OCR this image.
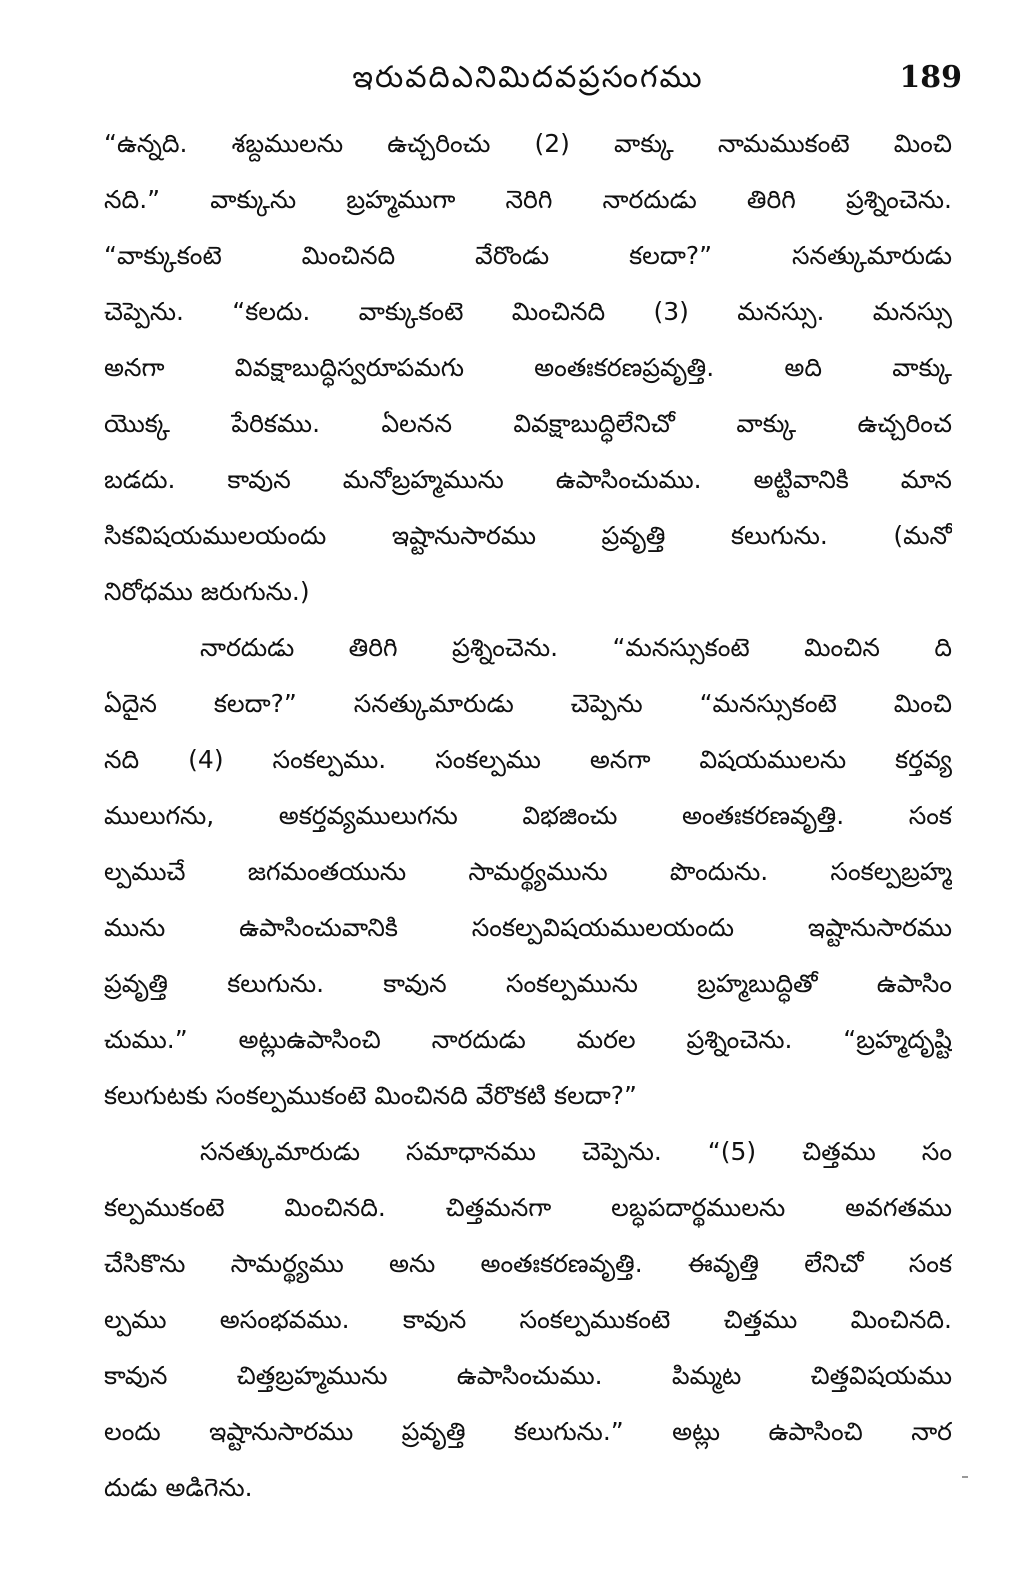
ఇరువదిఎనిమిదవప్రసంగము	189
“ఉన్నది. శబ్దములను ఉచ్చరించు (2) వాక్కు నామముకంటె మించి
నది.” వాక్కును బ్రహ్మముగా నెరిగి నారదుడు తిరిగి ప్రశ్నించెను.
“వాక్కుకంటె మించినది వేరొండు కలదా?” సనత్కుమారుడు
చెప్పెను. “కలదు. వాక్కుకంటె మించినది (3) మనస్సు. మనస్సు
అనగా వివక్షాబుద్ధిస్వరూపమగు అంతఃకరణప్రవృత్తి. అది వాక్కు
యొక్క పేరికము. ఏలనన వివక్షాబుద్ధిలేనిచో వాక్కు ఉచ్చరించ
బడదు. కావున మనోబ్రహ్మమును ఉపాసించుము. అట్టివానికి మాన
సికవిషయములయందు ఇష్టానుసారము ప్రవృత్తి కలుగును. (మనో
నిరోధము జరుగును.)
నారదుడు తిరిగి ప్రశ్నించెను. “మనస్సుకంటె మించిన ది
ఏదైన కలదా?” సనత్కుమారుడు చెప్పెను “మనస్సుకంటె మించి
నది (4) సంకల్పము. సంకల్పము అనగా విషయములను కర్తవ్య
ములుగను, అకర్తవ్యములుగను విభజించు అంతఃకరణవృత్తి. సంక
ల్పముచే జగమంతయును సామర్థ్యమును పొందును. సంకల్పబ్రహ్మ
మును ఉపాసించువానికి సంకల్పవిషయములయందు ఇష్టానుసారము
ప్రవృత్తి కలుగును. కావున సంకల్పమును బ్రహ్మబుద్ధితో ఉపాసిం
చుము.” అట్లుఉపాసించి నారదుడు మరల ప్రశ్నించెను. “బ్రహ్మదృష్టి
కలుగుటకు సంకల్పముకంటె మించినది వేరొకటి కలదా?”
సనత్కుమారుడు సమాధానము చెప్పెను. “(5) చిత్తము సం
కల్పముకంటె మించినది. చిత్తమనగా లబ్ధపదార్థములను అవగతము
చేసికొను సామర్థ్యము అను అంతఃకరణవృత్తి. ఈవృత్తి లేనిచో సంక
ల్పము అసంభవము. కావున సంకల్పముకంటె చిత్తము మించినది.
కావున చిత్తబ్రహ్మమును ఉపాసించుము. పిమ్మట చిత్తవిషయము
లందు ఇష్టానుసారము ప్రవృత్తి కలుగును.” అట్లు ఉపాసించి నార
దుడు అడిగెను.
